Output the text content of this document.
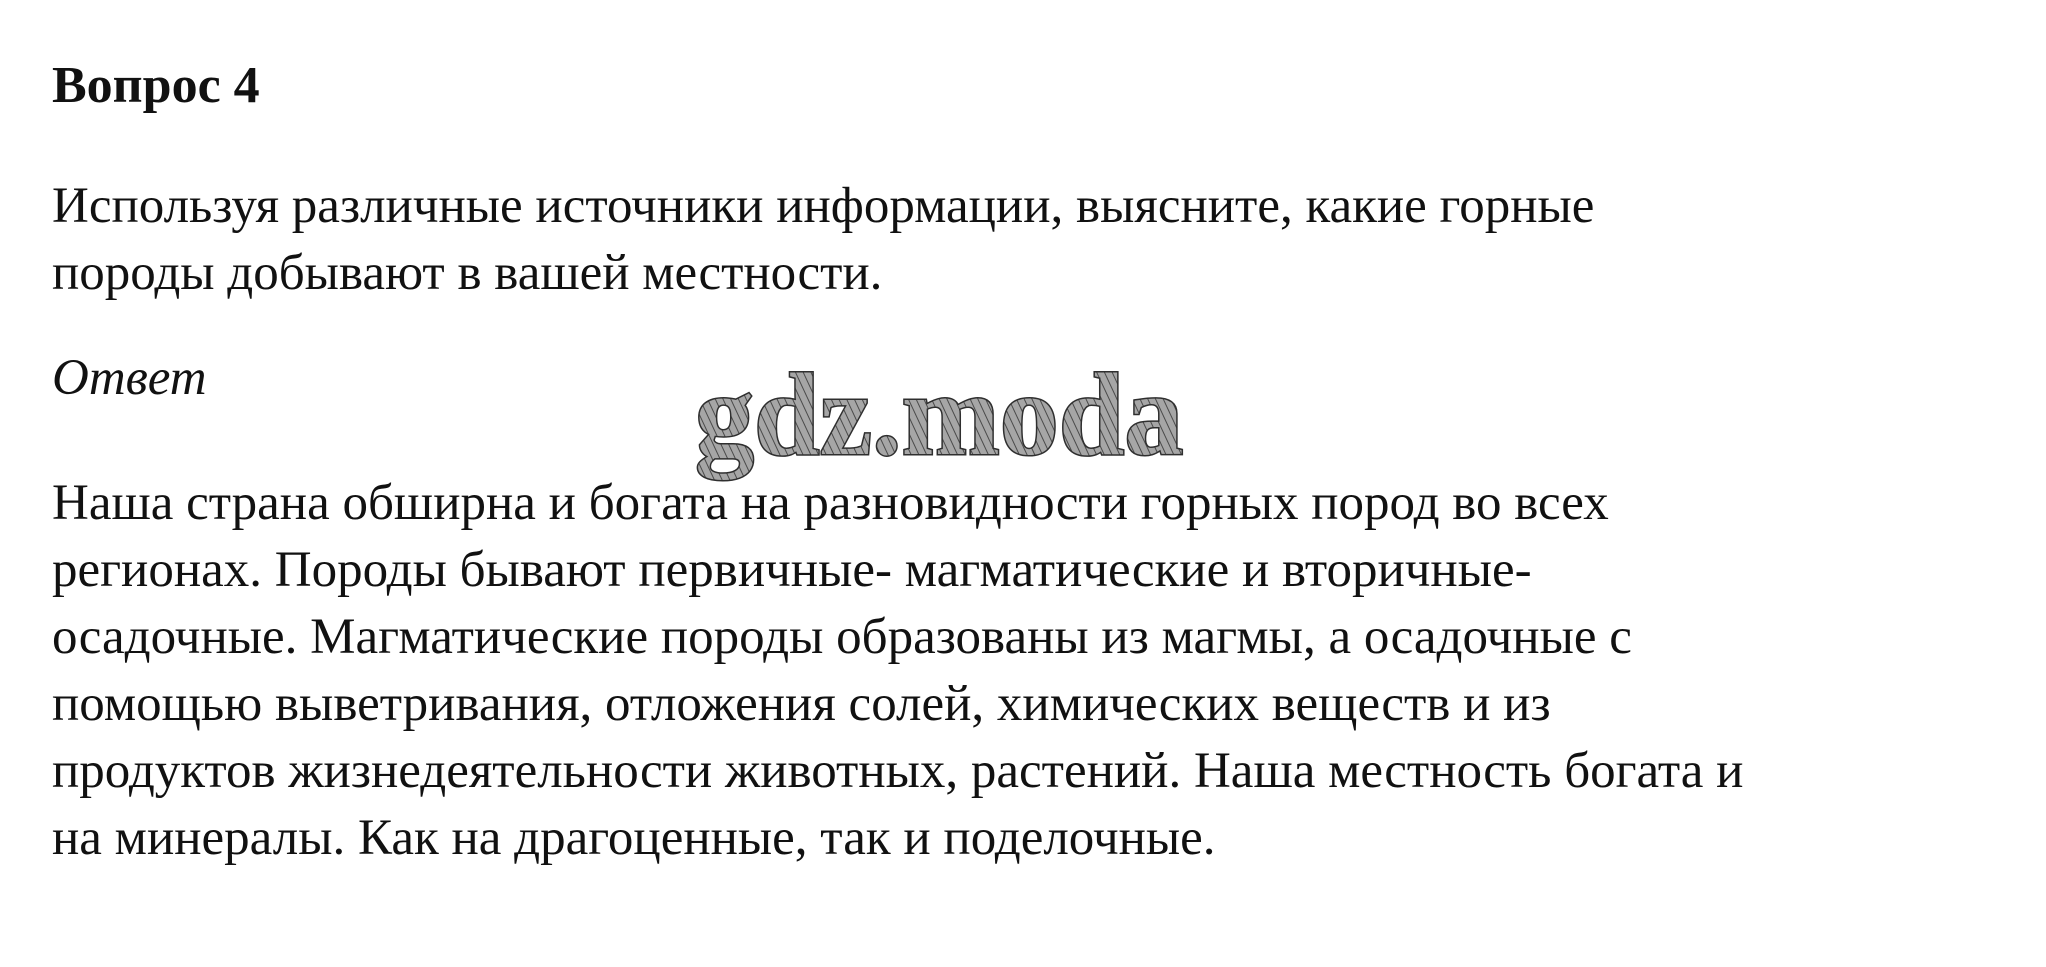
Вопрос 4
Используя различные источники информации, выясните, какие горные
породы добывают в вашей местности.
Ответ	gdz.moda
Наша страна обширна и богата на разновидности горных пород во всех
регионах. Породы бывают первичные- магматические и вторичные-
осадочные. Магматические породы образованы из магмы, а осадочные с
помощью выветривания, отложения солей, химических веществ и из
продуктов жизнедеятельности животных, растений. Наша местность богата и
на минералы. Как на драгоценные, так и поделочные.
